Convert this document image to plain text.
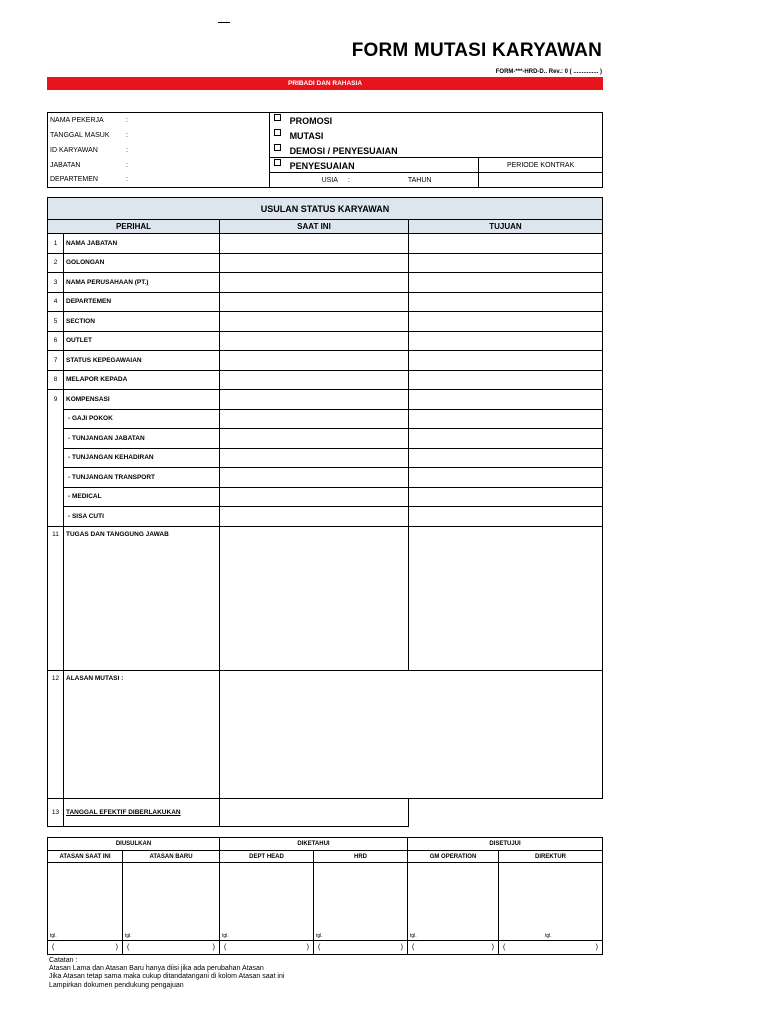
FORM MUTASI KARYAWAN
FORM-***-HRD-D.. Rev.: 0 ( ............... )
PRIBADI DAN RAHASIA
NAMA PEKERJA :	PROMOSI	
TANGGAL MASUK :	MUTASI	
ID KARYAWAN :	DEMOSI / PENYESUAIAN	
JABATAN :	PENYESUAIAN	PERIODE KONTRAK
DEPARTEMEN :	USIA : TAHUN	
USULAN STATUS KARYAWAN			
PERIHAL		SAAT INI	TUJUAN
1	NAMA JABATAN		
2	GOLONGAN		
3	NAMA PERUSAHAAN (PT.)		
4	DEPARTEMEN		
5	SECTION		
6	OUTLET		
7	STATUS KEPEGAWAIAN		
8	MELAPOR KEPADA		
9	KOMPENSASI		
	- GAJI POKOK		
	- TUNJANGAN JABATAN		
	- TUNJANGAN KEHADIRAN		
	- TUNJANGAN TRANSPORT		
	- MEDICAL		
	- SISA CUTI		
11	TUGAS DAN TANGGUNG JAWAB		
12	ALASAN MUTASI :		
13	TANGGAL EFEKTIF DIBERLAKUKAN		
DIUSULKAN		DIKETAHUI		DISETUJUI	
ATASAN SAAT INI	ATASAN BARU	DEPT HEAD	HRD	GM OPERATION	DIREKTUR

tgl.	tgl.	tgl.	tgl.	tgl.	tgl.

( )	( )	( )	( )	( )	( )
Catatan :
Atasan Lama dan Atasan Baru hanya diisi jika ada perubahan Atasan
Jika Atasan tetap sama maka cukup ditandatangani di kolom Atasan saat ini
Lampirkan dokumen pendukung pengajuan
